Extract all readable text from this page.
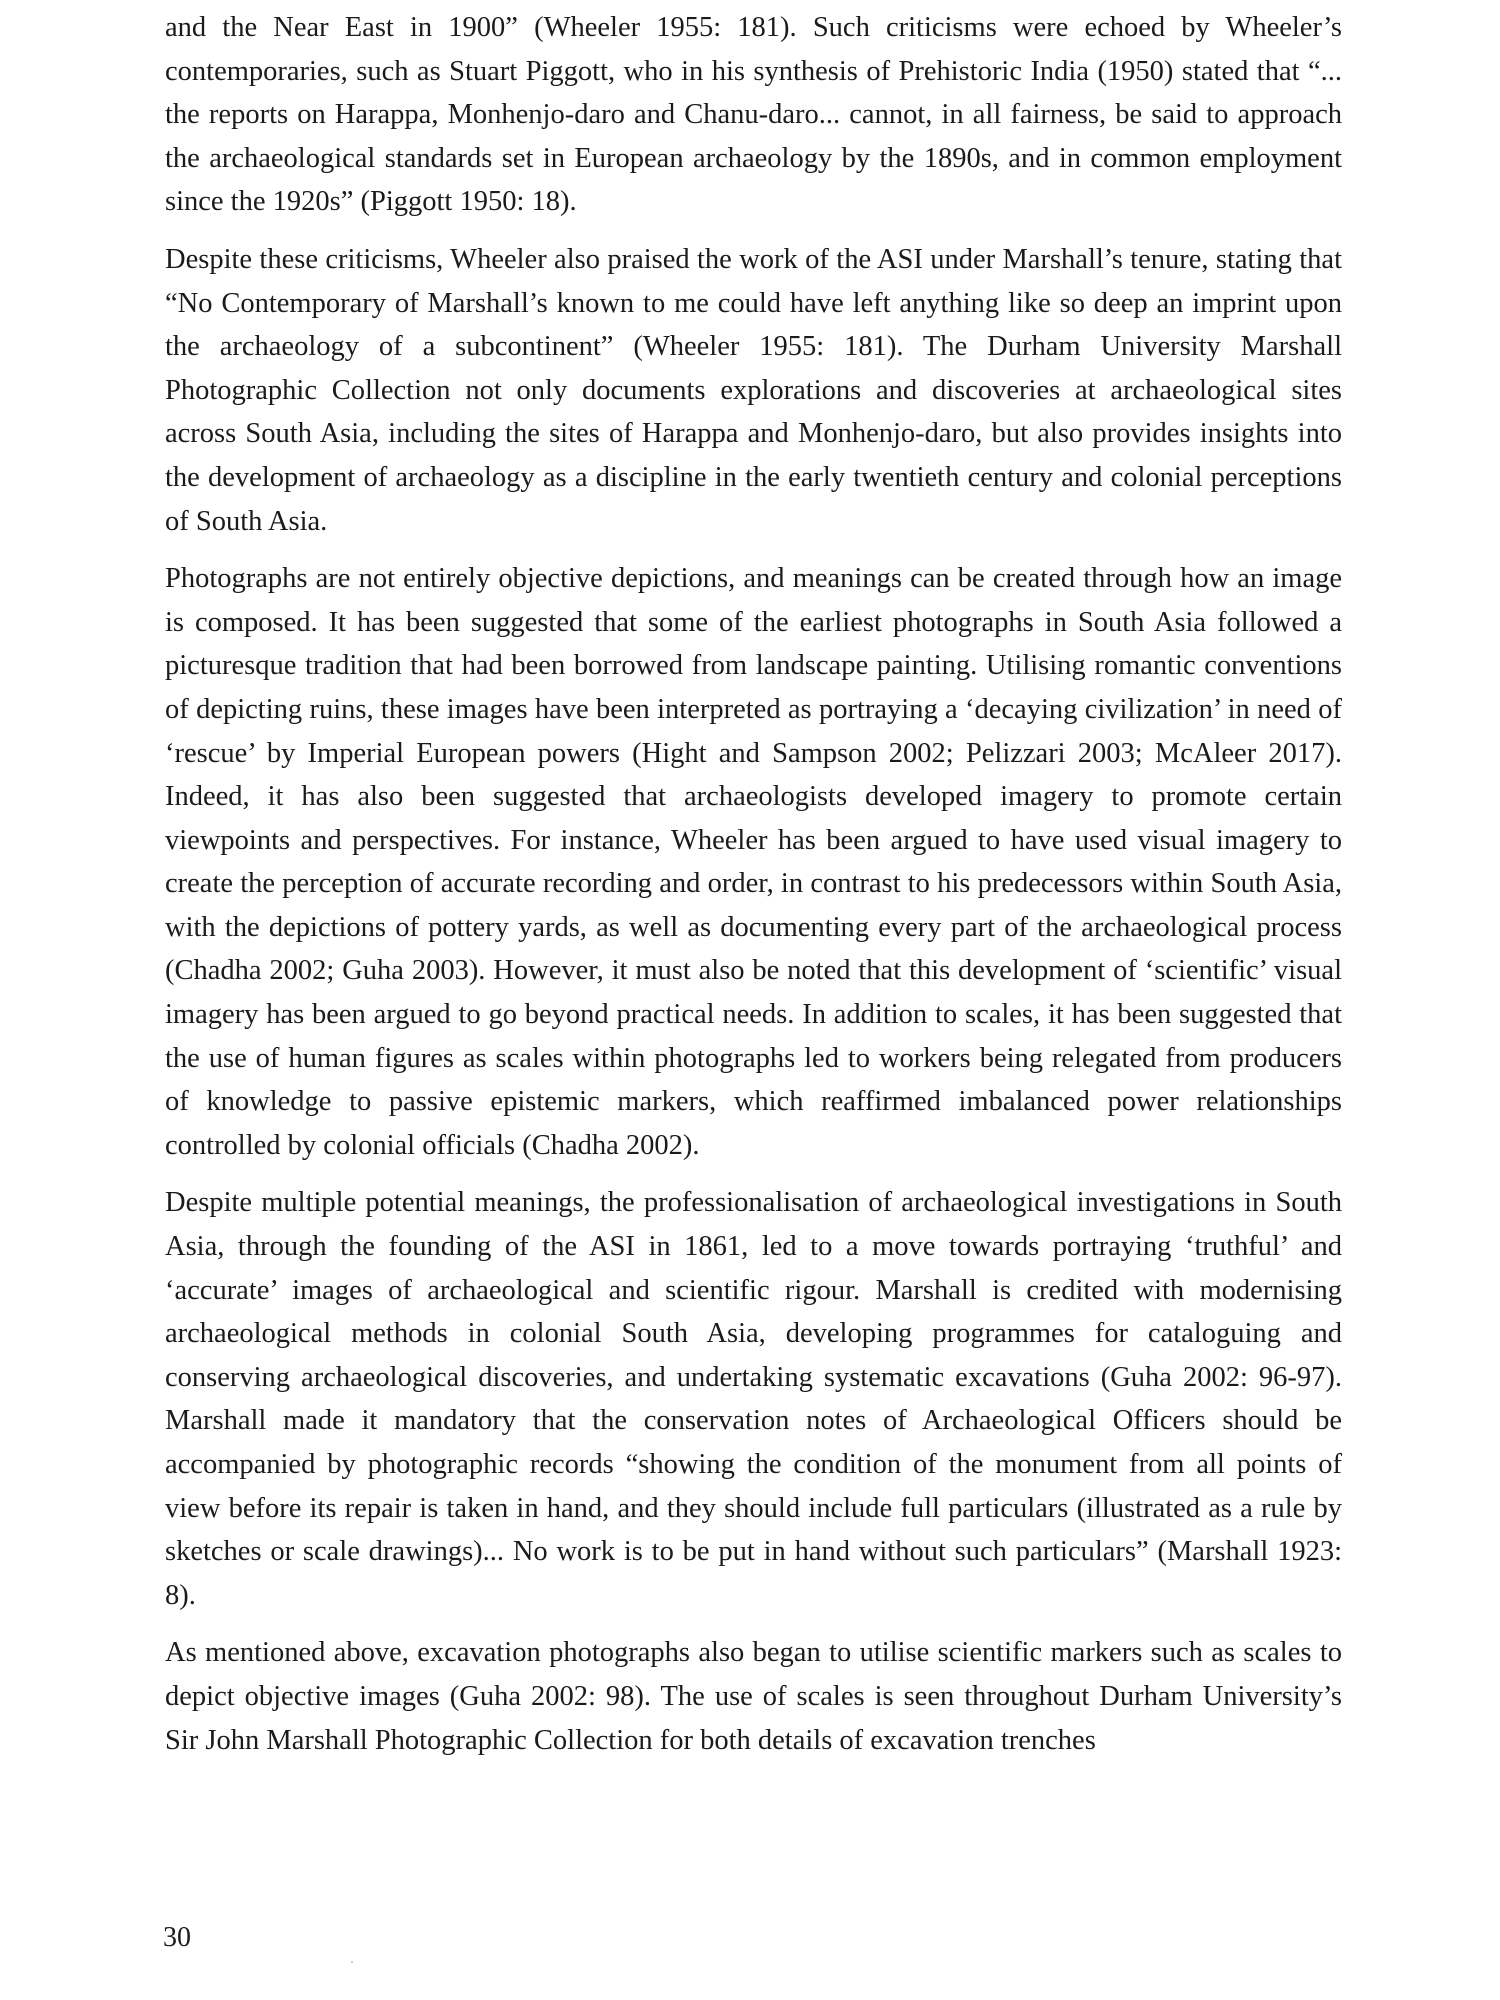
and the Near East in 1900” (Wheeler 1955: 181). Such criticisms were echoed by Wheeler’s contemporaries, such as Stuart Piggott, who in his synthesis of Prehistoric India (1950) stated that “... the reports on Harappa, Monhenjo-daro and Chanu-daro... cannot, in all fairness, be said to approach the archaeological standards set in European archaeology by the 1890s, and in common employment since the 1920s” (Piggott 1950: 18).

Despite these criticisms, Wheeler also praised the work of the ASI under Marshall’s tenure, stating that “No Contemporary of Marshall’s known to me could have left anything like so deep an imprint upon the archaeology of a subcontinent” (Wheeler 1955: 181). The Durham University Marshall Photographic Collection not only documents explorations and discoveries at archaeological sites across South Asia, including the sites of Harappa and Monhenjo-daro, but also provides insights into the development of archaeology as a discipline in the early twentieth century and colonial perceptions of South Asia.

Photographs are not entirely objective depictions, and meanings can be created through how an image is composed. It has been suggested that some of the earliest photographs in South Asia followed a picturesque tradition that had been borrowed from landscape painting. Utilising romantic conventions of depicting ruins, these images have been interpreted as portraying a ‘decaying civilization’ in need of ‘rescue’ by Imperial European powers (Hight and Sampson 2002; Pelizzari 2003; McAleer 2017). Indeed, it has also been suggested that archaeologists developed imagery to promote certain viewpoints and perspectives. For instance, Wheeler has been argued to have used visual imagery to create the perception of accurate recording and order, in contrast to his predecessors within South Asia, with the depictions of pottery yards, as well as documenting every part of the archaeological process (Chadha 2002; Guha 2003). However, it must also be noted that this development of ‘scientific’ visual imagery has been argued to go beyond practical needs. In addition to scales, it has been suggested that the use of human figures as scales within photographs led to workers being relegated from producers of knowledge to passive epistemic markers, which reaffirmed imbalanced power relationships controlled by colonial officials (Chadha 2002).

Despite multiple potential meanings, the professionalisation of archaeological investigations in South Asia, through the founding of the ASI in 1861, led to a move towards portraying ‘truthful’ and ‘accurate’ images of archaeological and scientific rigour. Marshall is credited with modernising archaeological methods in colonial South Asia, developing programmes for cataloguing and conserving archaeological discoveries, and undertaking systematic excavations (Guha 2002: 96-97). Marshall made it mandatory that the conservation notes of Archaeological Officers should be accompanied by photographic records “showing the condition of the monument from all points of view before its repair is taken in hand, and they should include full particulars (illustrated as a rule by sketches or scale drawings)... No work is to be put in hand without such particulars” (Marshall 1923: 8).

As mentioned above, excavation photographs also began to utilise scientific markers such as scales to depict objective images (Guha 2002: 98). The use of scales is seen throughout Durham University’s Sir John Marshall Photographic Collection for both details of excavation trenches

30
